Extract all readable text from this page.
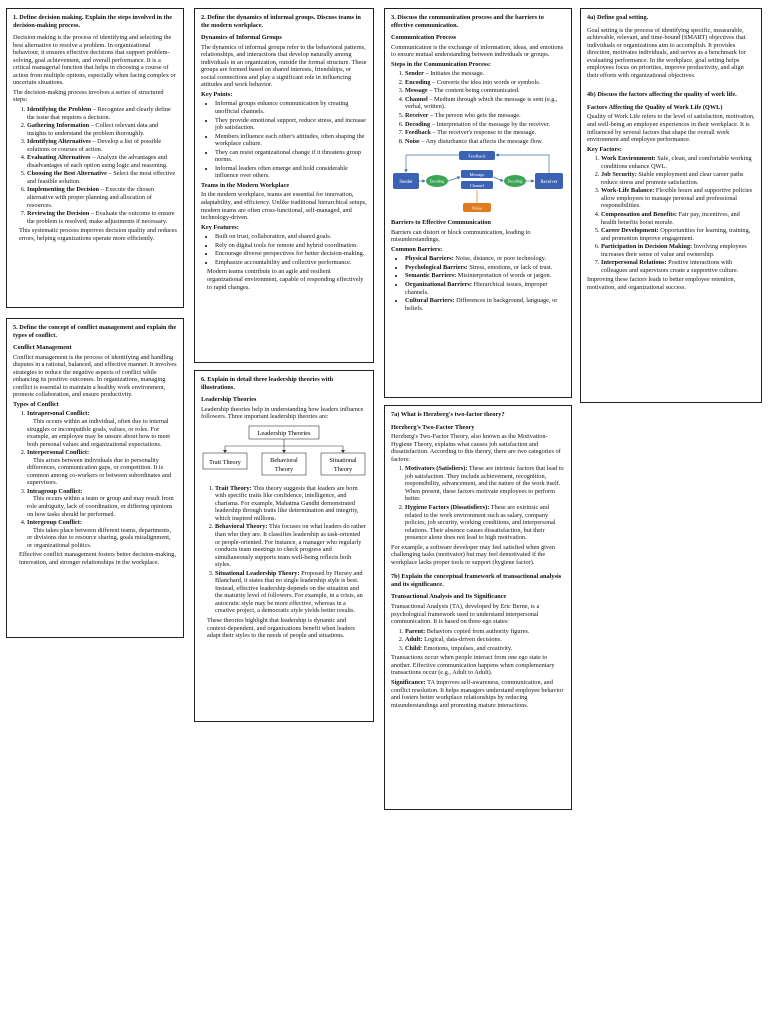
1. Define decision making. Explain the steps involved in the decision-making process.

Decision making is the process of identifying and selecting the best alternative to resolve a problem. In organizational behaviour, it ensures effective decisions that support problem-solving, goal achievement, and overall performance. It is a critical managerial function that helps in choosing a course of action from multiple options, especially when facing complex or uncertain situations.

The decision-making process involves a series of structured steps:

1. Identifying the Problem – Recognize and clearly define the issue that requires a decision.
2. Gathering Information – Collect relevant data and insights to understand the problem thoroughly.
3. Identifying Alternatives – Develop a list of possible solutions or courses of action.
4. Evaluating Alternatives – Analyze the advantages and disadvantages of each option using logic and reasoning.
5. Choosing the Best Alternative – Select the most effective and feasible solution.
6. Implementing the Decision – Execute the chosen alternative with proper planning and allocation of resources.
7. Reviewing the Decision – Evaluate the outcome to ensure the problem is resolved; make adjustments if necessary.

This systematic process improves decision quality and reduces errors, helping organizations operate more efficiently.

5. Define the concept of conflict management and explain the types of conflict.

Conflict Management

Conflict management is the process of identifying and handling disputes in a rational, balanced, and effective manner. It involves strategies to reduce the negative aspects of conflict while enhancing its positive outcomes. In organizations, managing conflict is essential to maintain a healthy work environment, promote collaboration, and ensure productivity.

Types of Conflict

1. Intrapersonal Conflict:
This occurs within an individual, often due to internal struggles or incompatible goals, values, or roles. For example, an employee may be unsure about how to meet both personal values and organizational expectations.
2. Interpersonal Conflict:
This arises between individuals due to personality differences, communication gaps, or competition. It is common among co-workers or between subordinates and supervisors.
3. Intragroup Conflict:
This occurs within a team or group and may result from role ambiguity, lack of coordination, or differing opinions on how tasks should be performed.
4. Intergroup Conflict:
This takes place between different teams, departments, or divisions due to resource sharing, goals misalignment, or organizational politics.

Effective conflict management fosters better decision-making, innovation, and stronger relationships in the workplace.

2. Define the dynamics of informal groups. Discuss teams in the modern workplace.

Dynamics of Informal Groups

The dynamics of informal groups refer to the behavioral patterns, relationships, and interactions that develop naturally among individuals in an organization, outside the formal structure. These groups are formed based on shared interests, friendships, or social connections and play a significant role in influencing attitudes and work behavior.

Key Points:

• Informal groups enhance communication by creating unofficial channels.
• They provide emotional support, reduce stress, and increase job satisfaction.
• Members influence each other's attitudes, often shaping the workplace culture.
• They can resist organizational change if it threatens group norms.
• Informal leaders often emerge and hold considerable influence over others.

Teams in the Modern Workplace

In the modern workplace, teams are essential for innovation, adaptability, and efficiency. Unlike traditional hierarchical setups, modern teams are often cross-functional, self-managed, and technology-driven.

Key Features:

• Built on trust, collaboration, and shared goals.
• Rely on digital tools for remote and hybrid coordination.
• Encourage diverse perspectives for better decision-making.
• Emphasize accountability and collective performance.

Modern teams contribute to an agile and resilient organizational environment, capable of responding effectively to rapid changes.

6. Explain in detail three leadership theories with illustrations.

Leadership Theories

Leadership theories help in understanding how leaders influence followers. Three important leadership theories are:

Leadership Theories
Trait Theory	Behavioral
Theory
Situational
Theory
1. Trait Theory: This theory suggests that leaders are born with specific traits like confidence, intelligence, and charisma. For example, Mahatma Gandhi demonstrated leadership through traits like determination and integrity, which inspired millions.
2. Behavioral Theory: This focuses on what leaders do rather than who they are. It classifies leadership as task-oriented or people-oriented. For instance, a manager who regularly conducts team meetings to check progress and simultaneously supports team well-being reflects both styles.
3. Situational Leadership Theory: Proposed by Hersey and Blanchard, it states that no single leadership style is best. Instead, effective leadership depends on the situation and the maturity level of followers. For example, in a crisis, an autocratic style may be more effective, whereas in a creative project, a democratic style yields better results.

These theories highlight that leadership is dynamic and context-dependent, and organizations benefit when leaders adapt their styles to the needs of people and situations.

3. Discuss the communication process and the barriers to effective communication.

Communication Process

Communication is the exchange of information, ideas, and emotions to ensure mutual understanding between individuals or groups.

Steps in the Communication Process:

1. Sender – Initiates the message.
2. Encoding – Converts the idea into words or symbols.
3. Message – The content being communicated.
4. Channel – Medium through which the message is sent (e.g., verbal, written).
5. Receiver – The person who gets the message.
6. Decoding – Interpretation of the message by the receiver.
7. Feedback – The receiver's response to the message.
8. Noise – Any disturbance that affects the message flow.
Feedback
Sender	Encoding
Message
Channel
Decoding	Receiver
Noise

Barriers to Effective Communication

Barriers can distort or block communication, leading to misunderstandings.

Common Barriers:

• Physical Barriers: Noise, distance, or poor technology.
• Psychological Barriers: Stress, emotions, or lack of trust.
• Semantic Barriers: Misinterpretation of words or jargon.
• Organizational Barriers: Hierarchical issues, improper channels.
• Cultural Barriers: Differences in background, language, or beliefs.

7a) What is Herzberg's two-factor theory?

Herzberg's Two-Factor Theory

Herzberg's Two-Factor Theory, also known as the Motivation-Hygiene Theory, explains what causes job satisfaction and dissatisfaction. According to this theory, there are two categories of factors:

1. Motivators (Satisfiers): These are intrinsic factors that lead to job satisfaction. They include achievement, recognition, responsibility, advancement, and the nature of the work itself. When present, these factors motivate employees to perform better.
2. Hygiene Factors (Dissatisfiers): These are extrinsic and related to the work environment such as salary, company policies, job security, working conditions, and interpersonal relations. Their absence causes dissatisfaction, but their presence alone does not lead to high motivation.

For example, a software developer may feel satisfied when given challenging tasks (motivator) but may feel demotivated if the workplace lacks proper tools or support (hygiene factor).

7b) Explain the conceptual framework of transactional analysis and its significance.

Transactional Analysis and Its Significance

Transactional Analysis (TA), developed by Eric Berne, is a psychological framework used to understand interpersonal communication. It is based on three ego states:

1. Parent: Behaviors copied from authority figures.
2. Adult: Logical, data-driven decisions.
3. Child: Emotions, impulses, and creativity.

Transactions occur when people interact from one ego state to another. Effective communication happens when complementary transactions occur (e.g., Adult to Adult).

Significance: TA improves self-awareness, communication, and conflict resolution. It helps managers understand employee behavior and fosters better workplace relationships by reducing misunderstandings and promoting mature interactions.

4a) Define goal setting.

Goal setting is the process of identifying specific, measurable, achievable, relevant, and time-bound (SMART) objectives that individuals or organizations aim to accomplish. It provides direction, motivates individuals, and serves as a benchmark for evaluating performance. In the workplace, goal setting helps employees focus on priorities, improve productivity, and align their efforts with organizational objectives.

4b) Discuss the factors affecting the quality of work life.

Factors Affecting the Quality of Work Life (QWL)

Quality of Work Life refers to the level of satisfaction, motivation, and well-being an employee experiences in their workplace. It is influenced by several factors that shape the overall work environment and employee performance.

Key Factors:

1. Work Environment: Safe, clean, and comfortable working conditions enhance QWL.
2. Job Security: Stable employment and clear career paths reduce stress and promote satisfaction.
3. Work-Life Balance: Flexible hours and supportive policies allow employees to manage personal and professional responsibilities.
4. Compensation and Benefits: Fair pay, incentives, and health benefits boost morale.
5. Career Development: Opportunities for learning, training, and promotion improve engagement.
6. Participation in Decision Making: Involving employees increases their sense of value and ownership.
7. Interpersonal Relations: Positive interactions with colleagues and supervisors create a supportive culture.

Improving these factors leads to better employee retention, motivation, and organizational success.
